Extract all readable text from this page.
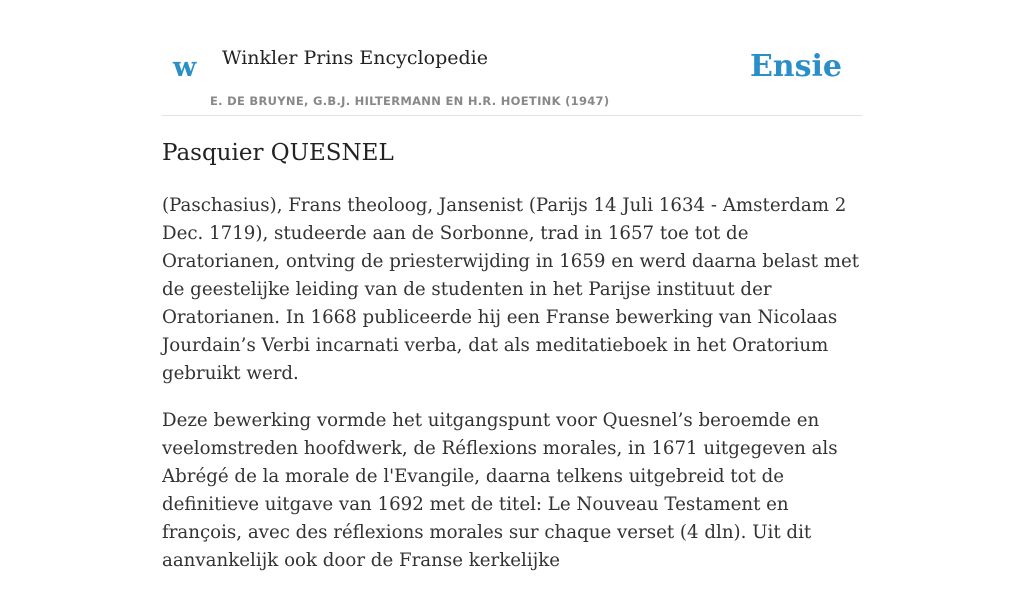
w Winkler Prins Encyclopedie
E. DE BRUYNE, G.B.J. HILTERMANN EN H.R. HOETINK (1947)
Ensie
Pasquier QUESNEL

(Paschasius), Frans theoloog, Jansenist (Parijs 14 Juli 1634 - Amsterdam 2 Dec. 1719), studeerde aan de Sorbonne, trad in 1657 toe tot de Oratorianen, ontving de priesterwijding in 1659 en werd daarna belast met de geestelijke leiding van de studenten in het Parijse instituut der Oratorianen. In 1668 publiceerde hij een Franse bewerking van Nicolaas Jourdain’s Verbi incarnati verba, dat als meditatieboek in het Oratorium gebruikt werd.

Deze bewerking vormde het uitgangspunt voor Quesnel’s beroemde en veelomstreden hoofdwerk, de Réflexions morales, in 1671 uitgegeven als Abrégé de la morale de l'Evangile, daarna telkens uitgebreid tot de definitieve uitgave van 1692 met de titel: Le Nouveau Testament en françois, avec des réflexions morales sur chaque verset (4 dln). Uit dit aanvankelijk ook door de Franse kerkelijke
